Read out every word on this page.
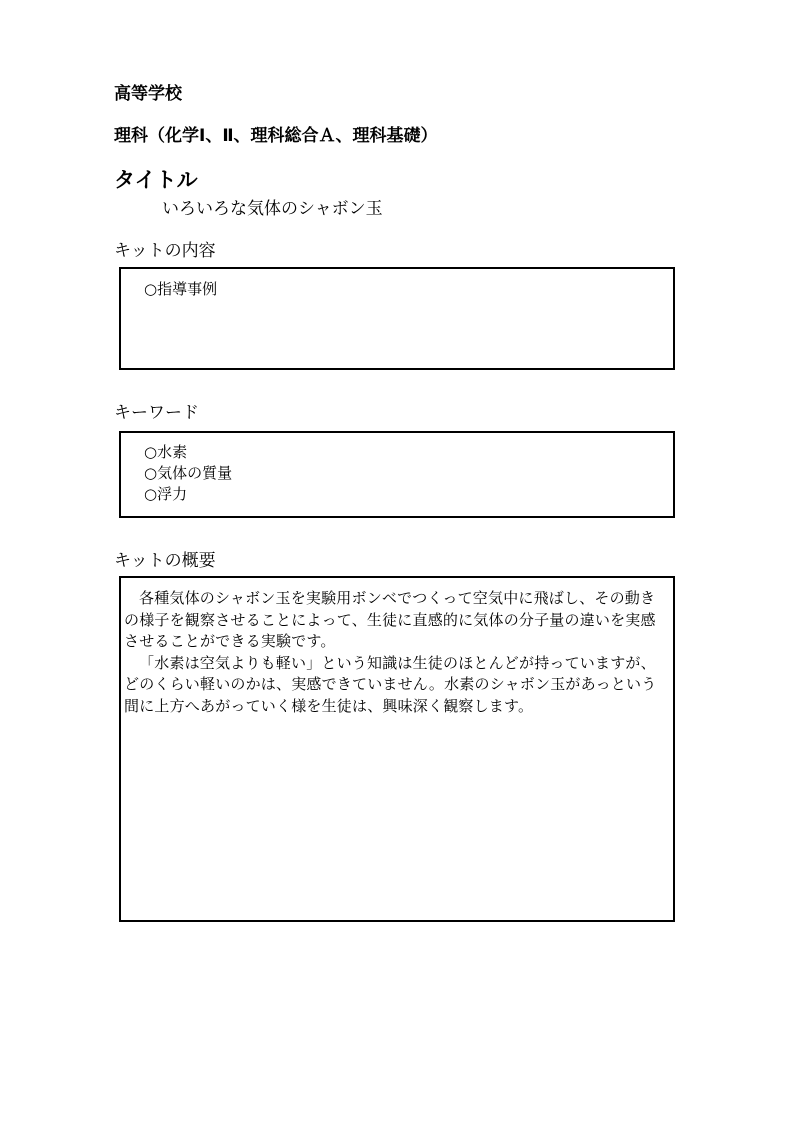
高等学校
理科（化学Ⅰ、Ⅱ、理科総合Ａ、理科基礎）
タイトル
いろいろな気体のシャボン玉
キットの内容
○指導事例
キーワード
○水素
○気体の質量
○浮力
キットの概要

各種気体のシャボン玉を実験用ボンベでつくって空気中に飛ばし、その動きの様子を観察させることによって、生徒に直感的に気体の分子量の違いを実感させることができる実験です。

「水素は空気よりも軽い」という知識は生徒のほとんどが持っていますが、どのくらい軽いのかは、実感できていません。水素のシャボン玉があっという間に上方へあがっていく様を生徒は、興味深く観察します。
